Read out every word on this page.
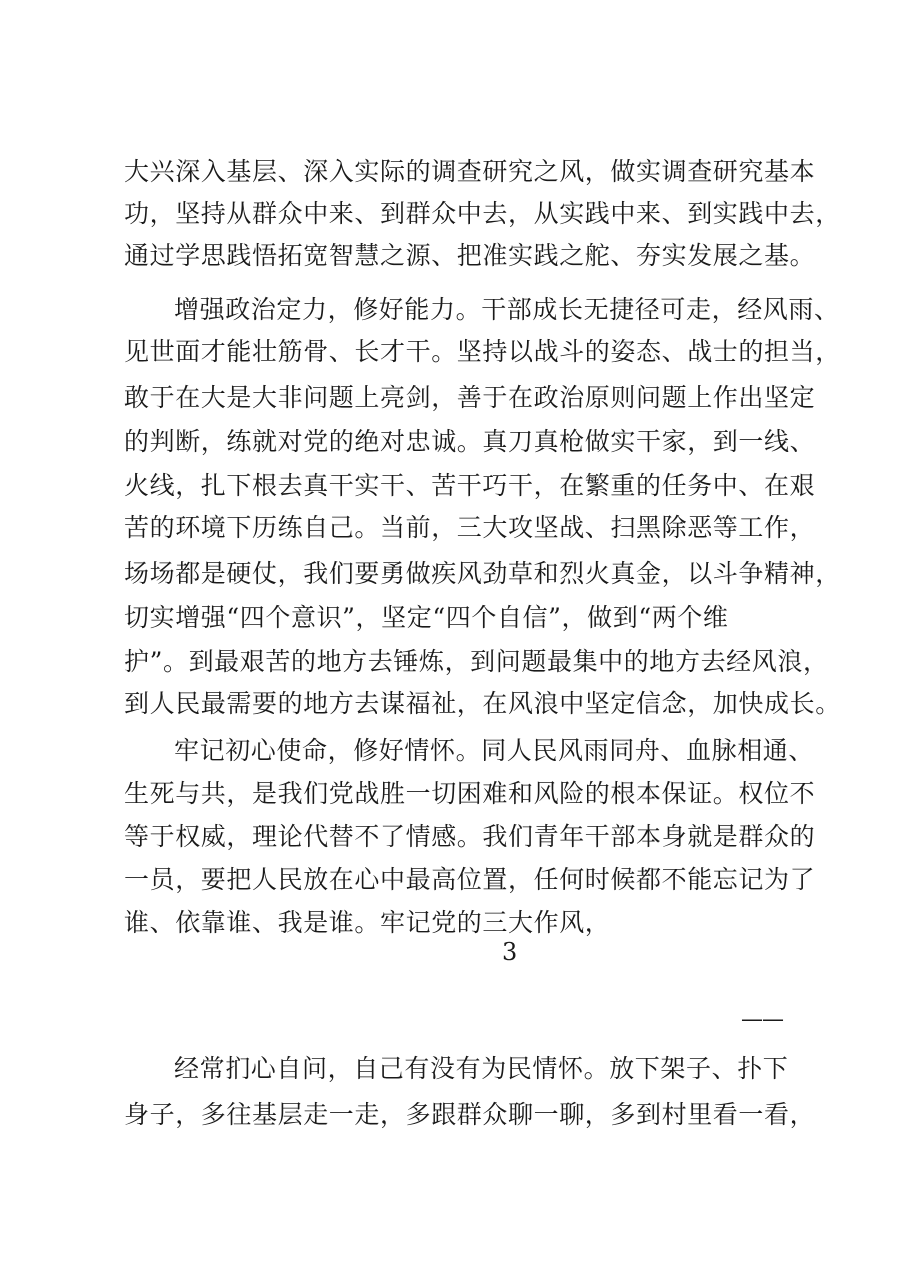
大兴深入基层、深入实际的调查研究之风，做实调查研究基本
功，坚持从群众中来、到群众中去，从实践中来、到实践中去，
通过学思践悟拓宽智慧之源、把准实践之舵、夯实发展之基。
增强政治定力，修好能力。干部成长无捷径可走，经风雨、
见世面才能壮筋骨、长才干。坚持以战斗的姿态、战士的担当，
敢于在大是大非问题上亮剑，善于在政治原则问题上作出坚定
的判断，练就对党的绝对忠诚。真刀真枪做实干家，到一线、
火线，扎下根去真干实干、苦干巧干，在繁重的任务中、在艰
苦的环境下历练自己。当前，三大攻坚战、扫黑除恶等工作，
场场都是硬仗，我们要勇做疾风劲草和烈火真金，以斗争精神，
切实增强“四个意识”，坚定“四个自信”，做到“两个维
护”。到最艰苦的地方去锤炼，到问题最集中的地方去经风浪，
到人民最需要的地方去谋福祉，在风浪中坚定信念，加快成长。
牢记初心使命，修好情怀。同人民风雨同舟、血脉相通、
生死与共，是我们党战胜一切困难和风险的根本保证。权位不
等于权威，理论代替不了情感。我们青年干部本身就是群众的
一员，要把人民放在心中最高位置，任何时候都不能忘记为了
谁、依靠谁、我是谁。牢记党的三大作风，
3
——
经常扪心自问，自己有没有为民情怀。放下架子、扑下
身子，多往基层走一走，多跟群众聊一聊，多到村里看一看，
